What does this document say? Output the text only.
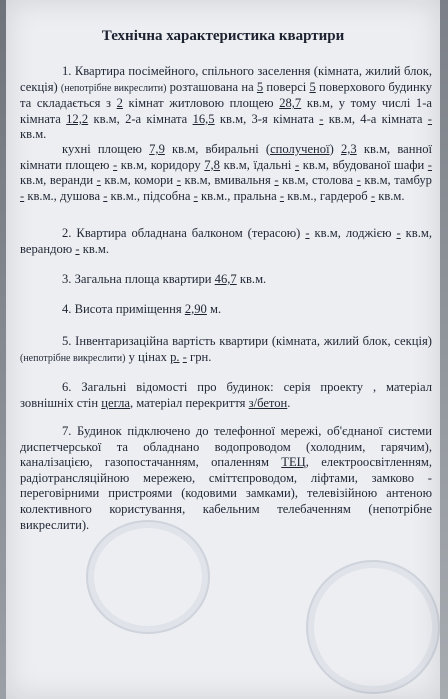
Технічна характеристика квартири
1. Квартира посімейного, спільного заселення (кімната, жилий блок, секція) (непотрібне викреслити) розташована на 5 поверсі 5 поверхового будинку та складається з 2 кімнат житловою площею 28,7 кв.м, у тому числі 1-а кімната 12,2 кв.м, 2-а кімната 16,5 кв.м, 3-я кімната - кв.м, 4-а кімната - кв.м.
кухні площею 7,9 кв.м, вбиральні (сполученої) 2,3 кв.м, ванної кімнати площею - кв.м, коридору 7,8 кв.м, їдальні - кв.м, вбудованої шафи - кв.м, веранди - кв.м, комори - кв.м, вмивальня - кв.м, столова - кв.м, тамбур - кв.м., душова - кв.м., підсобна - кв.м., пральна - кв.м., гардероб - кв.м.
2. Квартира обладнана балконом (терасою) - кв.м, лоджією - кв.м, верандою - кв.м.
3. Загальна площа квартири 46,7 кв.м.
4. Висота приміщення 2,90 м.
5. Інвентаризаційна вартість квартири (кімната, жилий блок, секція) (непотрібне викреслити) у цінах р. - грн.
6. Загальні відомості про будинок: серія проекту , матеріал зовнішніх стін цегла, матеріал перекриття з/бетон.
7. Будинок підключено до телефонної мережі, об'єднаної системи диспетчерської та обладнано водопроводом (холодним, гарячим), каналізацією, газопостачанням, опаленням ТЕЦ, електроосвітленням, радіотрансляційною мережею, сміттєпроводом, ліфтами, замково - переговірними пристроями (кодовими замками), телевізійною антеною колективного користування, кабельним телебаченням (непотрібне викреслити).
